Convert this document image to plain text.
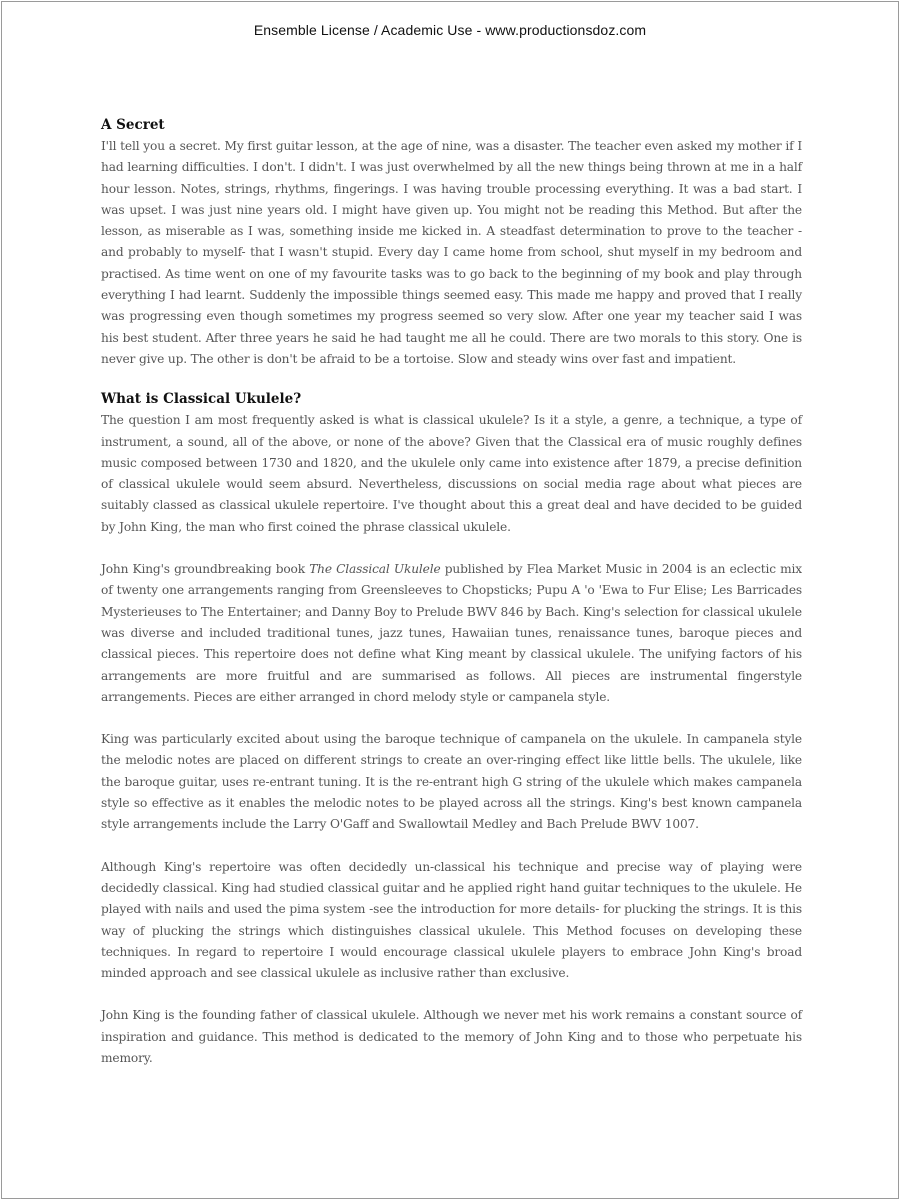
Ensemble License / Academic Use - www.productionsdoz.com
A Secret

I'll tell you a secret. My first guitar lesson, at the age of nine, was a disaster. The teacher even asked my mother if I had learning difficulties. I don't. I didn't. I was just overwhelmed by all the new things being thrown at me in a half hour lesson. Notes, strings, rhythms, fingerings. I was having trouble processing everything. It was a bad start. I was upset. I was just nine years old. I might have given up. You might not be reading this Method. But after the lesson, as miserable as I was, something inside me kicked in. A steadfast determination to prove to the teacher -and probably to myself- that I wasn't stupid. Every day I came home from school, shut myself in my bedroom and practised. As time went on one of my favourite tasks was to go back to the beginning of my book and play through everything I had learnt. Suddenly the impossible things seemed easy. This made me happy and proved that I really was progressing even though sometimes my progress seemed so very slow. After one year my teacher said I was his best student. After three years he said he had taught me all he could. There are two morals to this story. One is never give up. The other is don't be afraid to be a tortoise. Slow and steady wins over fast and impatient.

What is Classical Ukulele?

The question I am most frequently asked is what is classical ukulele? Is it a style, a genre, a technique, a type of instrument, a sound, all of the above, or none of the above? Given that the Classical era of music roughly defines music composed between 1730 and 1820, and the ukulele only came into existence after 1879, a precise definition of classical ukulele would seem absurd. Nevertheless, discussions on social media rage about what pieces are suitably classed as classical ukulele repertoire. I've thought about this a great deal and have decided to be guided by John King, the man who first coined the phrase classical ukulele.

John King's groundbreaking book The Classical Ukulele published by Flea Market Music in 2004 is an eclectic mix of twenty one arrangements ranging from Greensleeves to Chopsticks; Pupu A 'o 'Ewa to Fur Elise; Les Barricades Mysterieuses to The Entertainer; and Danny Boy to Prelude BWV 846 by Bach. King's selection for classical ukulele was diverse and included traditional tunes, jazz tunes, Hawaiian tunes, renaissance tunes, baroque pieces and classical pieces. This repertoire does not define what King meant by classical ukulele. The unifying factors of his arrangements are more fruitful and are summarised as follows. All pieces are instrumental fingerstyle arrangements. Pieces are either arranged in chord melody style or campanela style.

King was particularly excited about using the baroque technique of campanela on the ukulele. In campanela style the melodic notes are placed on different strings to create an over-ringing effect like little bells. The ukulele, like the baroque guitar, uses re-entrant tuning. It is the re-entrant high G string of the ukulele which makes campanela style so effective as it enables the melodic notes to be played across all the strings. King's best known campanela style arrangements include the Larry O'Gaff and Swallowtail Medley and Bach Prelude BWV 1007.

Although King's repertoire was often decidedly un-classical his technique and precise way of playing were decidedly classical. King had studied classical guitar and he applied right hand guitar techniques to the ukulele. He played with nails and used the pima system -see the introduction for more details- for plucking the strings. It is this way of plucking the strings which distinguishes classical ukulele. This Method focuses on developing these techniques. In regard to repertoire I would encourage classical ukulele players to embrace John King's broad minded approach and see classical ukulele as inclusive rather than exclusive.

John King is the founding father of classical ukulele. Although we never met his work remains a constant source of inspiration and guidance. This method is dedicated to the memory of John King and to those who perpetuate his memory.
